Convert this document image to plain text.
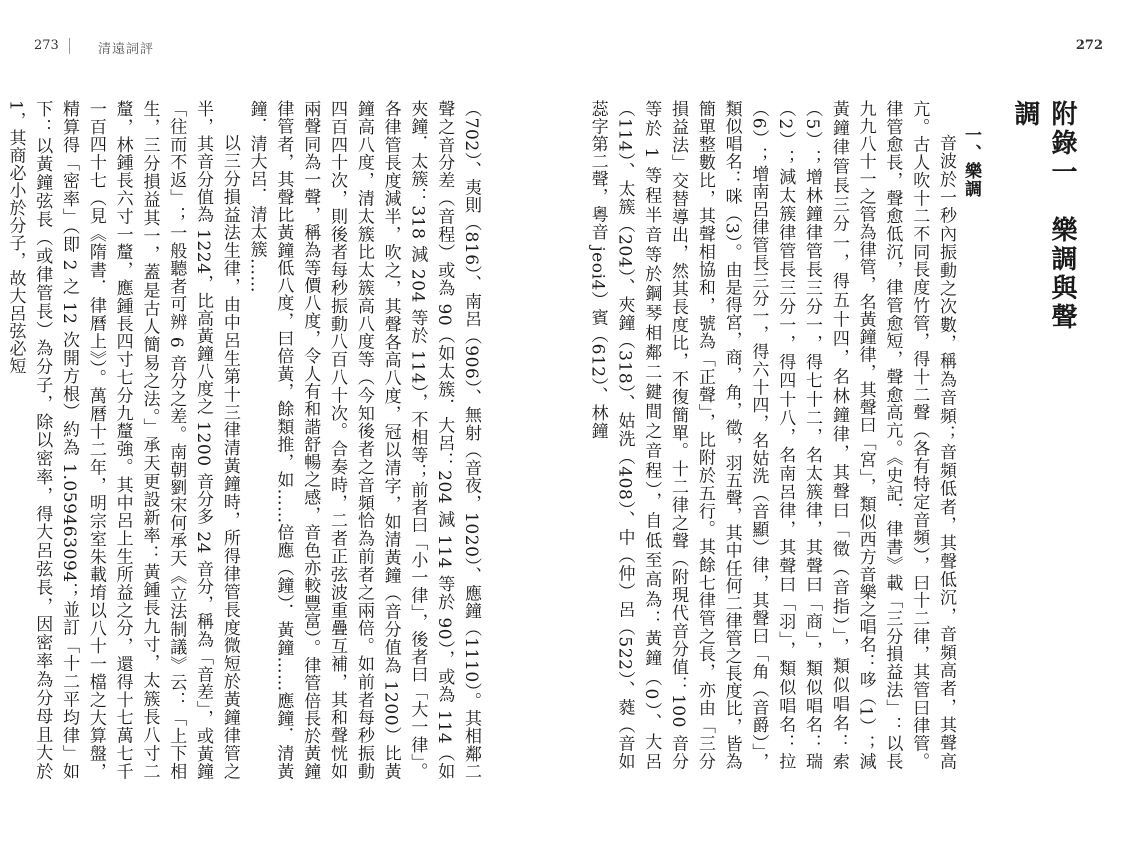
273	清遠詞評	272
附錄一　樂調與聲調
一、樂調

音波於一秒內振動之次數，稱為音頻；音頻低者，其聲低沉，音頻高者，其聲高亢。古人吹十二不同長度竹管，得十二聲（各有特定音頻），曰十二律，其管曰律管。律管愈長，聲愈低沉，律管愈短，聲愈高亢。《史記．律書》載「三分損益法」：以長九九八十一之管為律管，名黃鐘律，其聲曰「宮」，類似西方音樂之唱名：哆（1）；減黃鐘律管長三分一，得五十四，名林鐘律，其聲曰「徵（音指）」，類似唱名：索（5）；增林鐘律管長三分一，得七十二，名太簇律，其聲曰「商」，類似唱名：瑞（2）；減太簇律管長三分一，得四十八，名南呂律，其聲曰「羽」，類似唱名：拉（6）；增南呂律管長三分一，得六十四，名姑洗（音顯）律，其聲曰「角（音爵）」，類似唱名：咪（3）。由是得宮，商，角，徵，羽五聲，其中任何二律管之長度比，皆為簡單整數比，其聲相協和，號為「正聲」，比附於五行。其餘七律管之長，亦由「三分損益法」交替導出，然其長度比，不復簡單。十二律之聲（附現代音分值：100 音分等於 1 等程半音等於鋼琴相鄰二鍵間之音程），自低至高為：黃鐘（0）、大呂（114）、太簇（204）、夾鐘（318）、姑洗（408）、中（仲）呂（522）、蕤（音如蕊字第二聲，粵音 jeoi4）賓（612）、林鐘

（702）、夷則（816）、南呂（906）、無射（音夜，1020）、應鐘（1110）。其相鄰二聲之音分差（音程）或為 90（如太簇．大呂：204 減 114 等於 90），或為 114（如夾鐘．太簇：318 減 204 等於 114），不相等；前者曰「小一律」，後者曰「大一律」。各律管長度減半，吹之，其聲各高八度，冠以清字，如清黃鐘（音分值為 1200）比黃鐘高八度，清太簇比太簇高八度等（今知後者之音頻恰為前者之兩倍。如前者每秒振動四百四十次，則後者每秒振動八百八十次。合奏時，二者正弦波重疊互補，其和聲恍如兩聲同為一聲，稱為等價八度，令人有和諧舒暢之感，音色亦較豐富）。律管倍長於黃鐘律管者，其聲比黃鐘低八度，曰倍黃，餘類推，如……倍應（鐘）．黃鐘……應鐘．清黃鐘．清大呂．清太簇……

以三分損益法生律，由中呂生第十三律清黃鐘時，所得律管長度微短於黃鐘律管之半，其音分值為 1224，比高黃鐘八度之 1200 音分多 24 音分，稱為「音差」，或黃鐘「往而不返」；一般聽者可辨 6 音分之差。南朝劉宋何承天《立法制議》云：「上下相生，三分損益其一，蓋是古人簡易之法。」承天更設新率：黃鍾長九寸，太簇長八寸二釐，林鍾長六寸一釐，應鍾長四寸七分九釐強。其中呂上生所益之分，還得十七萬七千一百四十七（見《隋書．律曆上》）。萬曆十二年，明宗室朱載堉以八十一檔之大算盤，精算得「密率」（即 2 之 12 次開方根）約為 1.059463094；並訂「十二平均律」如下：以黃鐘弦長（或律管長）為分子，除以密率，得大呂弦長，因密率為分母且大於 1，其商必小於分子，故大呂弦必短
